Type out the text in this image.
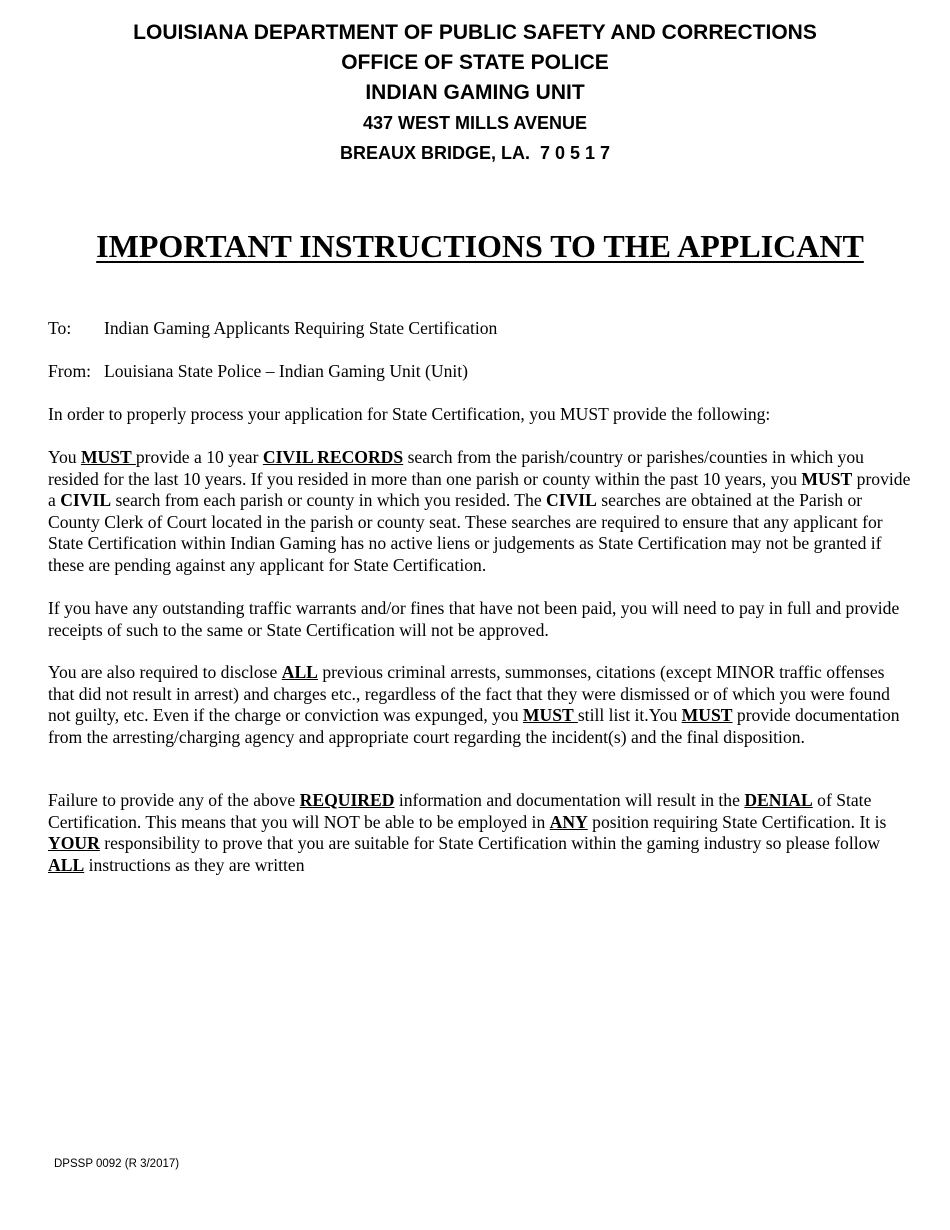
LOUISIANA DEPARTMENT OF PUBLIC SAFETY AND CORRECTIONS
OFFICE OF STATE POLICE
INDIAN GAMING UNIT
437 WEST MILLS AVENUE
BREAUX BRIDGE, LA.  7 0 5 1 7
IMPORTANT INSTRUCTIONS TO THE APPLICANT
To: Indian Gaming Applicants Requiring State Certification
From: Louisiana State Police – Indian Gaming Unit (Unit)

In order to properly process your application for State Certification, you MUST provide the following:

You MUST provide a 10 year CIVIL RECORDS search from the parish/country or parishes/counties in which you resided for the last 10 years. If you resided in more than one parish or county within the past 10 years, you MUST provide a CIVIL search from each parish or county in which you resided. The CIVIL searches are obtained at the Parish or County Clerk of Court located in the parish or county seat. These searches are required to ensure that any applicant for State Certification within Indian Gaming has no active liens or judgements as State Certification may not be granted if these are pending against any applicant for State Certification.

If you have any outstanding traffic warrants and/or fines that have not been paid, you will need to pay in full and provide receipts of such to the same or State Certification will not be approved.

You are also required to disclose ALL previous criminal arrests, summonses, citations (except MINOR traffic offenses that did not result in arrest) and charges etc., regardless of the fact that they were dismissed or of which you were found not guilty, etc. Even if the charge or conviction was expunged, you MUST still list it.You MUST provide documentation from the arresting/charging agency and appropriate court regarding the incident(s) and the final disposition.

Failure to provide any of the above REQUIRED information and documentation will result in the DENIAL of State Certification. This means that you will NOT be able to be employed in ANY position requiring State Certification. It is YOUR responsibility to prove that you are suitable for State Certification within the gaming industry so please follow ALL instructions as they are written

DPSSP 0092 (R 3/2017)
